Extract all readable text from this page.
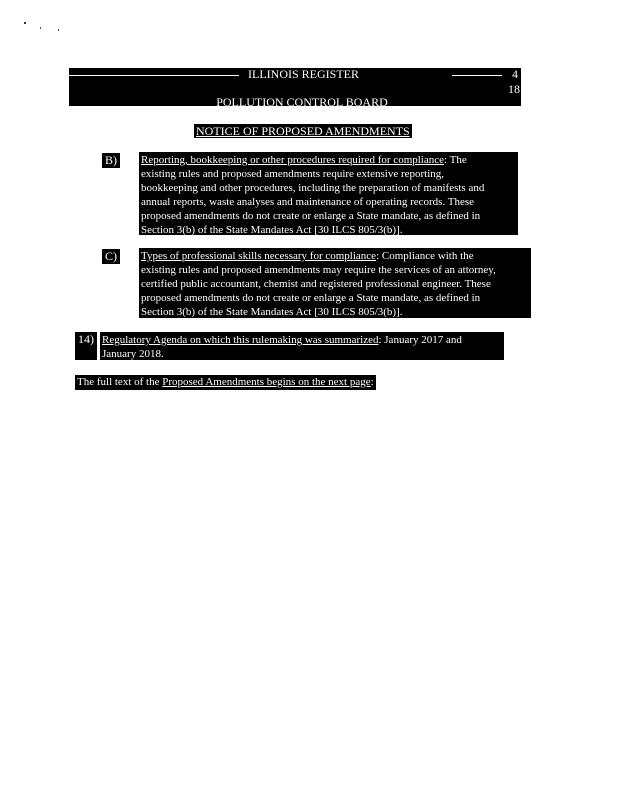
ILLINOIS REGISTER	4
18
POLLUTION CONTROL BOARD
NOTICE OF PROPOSED AMENDMENTS
B) Reporting, bookkeeping or other procedures required for compliance: The
existing rules and proposed amendments require extensive reporting,
bookkeeping and other procedures, including the preparation of manifests and
annual reports, waste analyses and maintenance of operating records. These
proposed amendments do not create or enlarge a State mandate, as defined in
Section 3(b) of the State Mandates Act [30 ILCS 805/3(b)].
C) Types of professional skills necessary for compliance: Compliance with the
existing rules and proposed amendments may require the services of an attorney,
certified public accountant, chemist and registered professional engineer. These
proposed amendments do not create or enlarge a State mandate, as defined in
Section 3(b) of the State Mandates Act [30 ILCS 805/3(b)].
14) Regulatory Agenda on which this rulemaking was summarized: January 2017 and
January 2018.
The full text of the Proposed Amendments begins on the next page:
